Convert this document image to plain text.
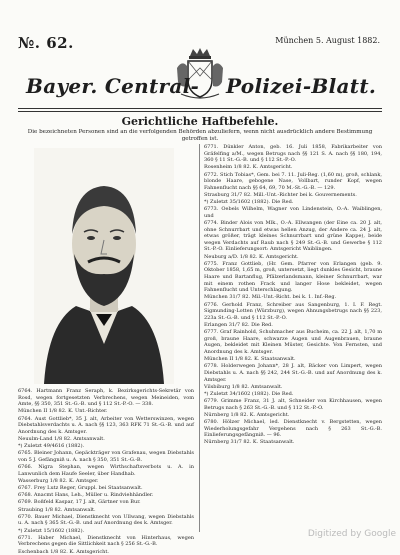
№. 62.	München 5. August 1882.
Bayer. Central- Polizei-Blatt.
Gerichtliche Haftbefehle.
Die bezeichneten Personen sind an die verfolgenden Behörden abzuliefern, wenn nicht ausdrücklich andere Bestimmung getroffen ist.

6764. Hartmann Franz Seraph, k. Bezirksgerichts-Sekretär von Rosd, wegen fortgesetzten Verbrechens, wegen Meineiden, vom Amte, §§ 350, 351 St.-G.-B. und § 112 St.-P.-O. — 338.

München II 1/8 82. K. Unt.-Richter.

6764. Aust Gottlieb*, 35 J. alt, Arbeiter von Wetterswinzen, wegen Diebstahlsverdachts u. A. nach §§ 123, 363 RFK 71 St.-G.-B. und auf Anordnung des k. Amtsger.

Neuulm-Land 1/8 82. Amtsanwalt.

*) Zuletzt 49/4616 (1882).

6765. Bleiner Johann, Gepäckträger von Grafenau, wegen Diebstahls von 5 J. Gefängniß u. A. nach § 350, 351 St.-G.-B.

6766. Nigra Stephan, wegen Wirthschaftsverbots u. A. in Lanwunlich dem Haufe Seeler, über Handhab.

Wasserburg 1/8 82. K. Amtsger.

6767. Frey Lutz Reger, Gruppl. bei Staatsanwalt.

6768. Anacmt Hans, Leh., Müller u. Rindviehhändler.

6769. Boßfeld Kaspar, 17 J. alt, Gärtner von Bur.

Straubing 1/8 82. Amtsanwalt.

6770. Bauer Michael, Dienstknecht von Ullwang, wegen Diebstahls u. A. nach § 365 St.-G.-B. und auf Anordnung des k. Amtsger.

*) Zuletzt 15/1602 (1882).

6771. Haber Michael, Dienstknecht von Hinterhaus, wegen Verbrechens gegen die Sittlichkeit nach § 256 St.-G.-B.

Eschenbach 1/8 82. K. Amtsgericht.

6771. Dünkler Anton, geb. 16. Juli 1858, Fabrikarbeiter von Gräfelfing a/M., wegen Betrugs nach §§ 121 S. A. nach §§ 180, 194, 360 § 11 St.-G.-B. und § 112 St.-P.-O.

Rosenheim 1/8 82. K. Amtsgericht.

6772. Stich Tobias*, Gem. bei 7. 11. Juli-Reg. (1,60 m), groß, schlank, blonde Haare, gebogene Nase, Vollbart, runder Kopf, wegen Fahnenflucht nach §§ 64, 69, 70 M.-St.-G.-B. — 129.

Strasburg 31/7 82. Mill.-Unt.-Richter bei k. Gouvernements.

*) Zuletzt 35/1602 (1882). Die Red.

6773. Oebels Wilhelm, Wagner von Lindenstein, O.-A. Waiblingen, und

6774. Binder Alois von Mlk., O.-A. Ellwangen (der Eine ca. 20 J. alt, ohne Schnurrbart und etwas hellen Anzug, der Andere ca. 24 J. alt, etwas größer, trägt kleines Schnurrbart und grüne Kappe), beide wegen Verdachts auf Raub nach § 249 St.-G.-B. und Gewerbe § 112 St.-P.-O. Einlieferungsort: Amtsgericht Waiblingen.

Neuburg a/D. 1/8 82. K. Amtsgericht.

6775. Franz Gottlieb, (Hr. Gem. Pfarrer von Erlangen (geb. 9. Oktober 1858, 1,65 m, groß, untersetzt, liegt dunkles Gesicht, braune Haare und Bartanflug, Pfälzerlandsmann, kleiner Schnurrbart, war mit einem rothen Frack und langer Hose bekleidet, wegen Fahnenflucht und Unterschlagung.

München 31/7 82. Mil.-Unt.-Richt. bei k. 1. Inf.-Reg.

6776. Gerhold Franz, Schreiber aus Sangenburg, 1. I. F. Regt. Sigmunding-Lotten (Würzburg), wegen Ahnungsbetrugs nach §§ 223, 223a St.-G.-B. und § 112 St.-P.-O.

Erlangen 31/7 82. Die Red.

6777. Graf Rainhold, Schuhmacher aus Bucheim, ca. 22 J. alt, 1,70 m groß, braune Haare, schwarze Augen und Augenbrauen, braune Augen, bekleidet mit Kleinen Müster, Gesichte. Von Fernsten, und Anordnung des k. Amtsger.

München II 1/8 82. K. Staatsanwalt.

6778. Holderwegen Johann*, 28 J. alt, Bäcker von Limpert, wegen Diebstahls u. A. nach §§ 242, 244 St.-G.-B. und auf Anordnung des k. Amtsger.

Vilsbiburg 1/8 82. Amtsanwalt.

*) Zuletzt 34/1602 (1882). Die Red.

6779. Grimme Franz, 31 J. alt, Schneider von Kirchhausen, wegen Betrugs nach § 263 St.-G.-B. und § 112 St.-P.-O.

Nürnberg 1/8 82. K. Amtsgericht.

6780. Hölzer Michael, led. Dienstknecht v. Bergstetten, wegen Wiederholungsgefahr Vergehens nach § 263 St.-G.-B. Einlieferungsgefängniß. — 96.

Nürnberg 31/7 82. K. Staatsanwalt.

Digitized by Google
